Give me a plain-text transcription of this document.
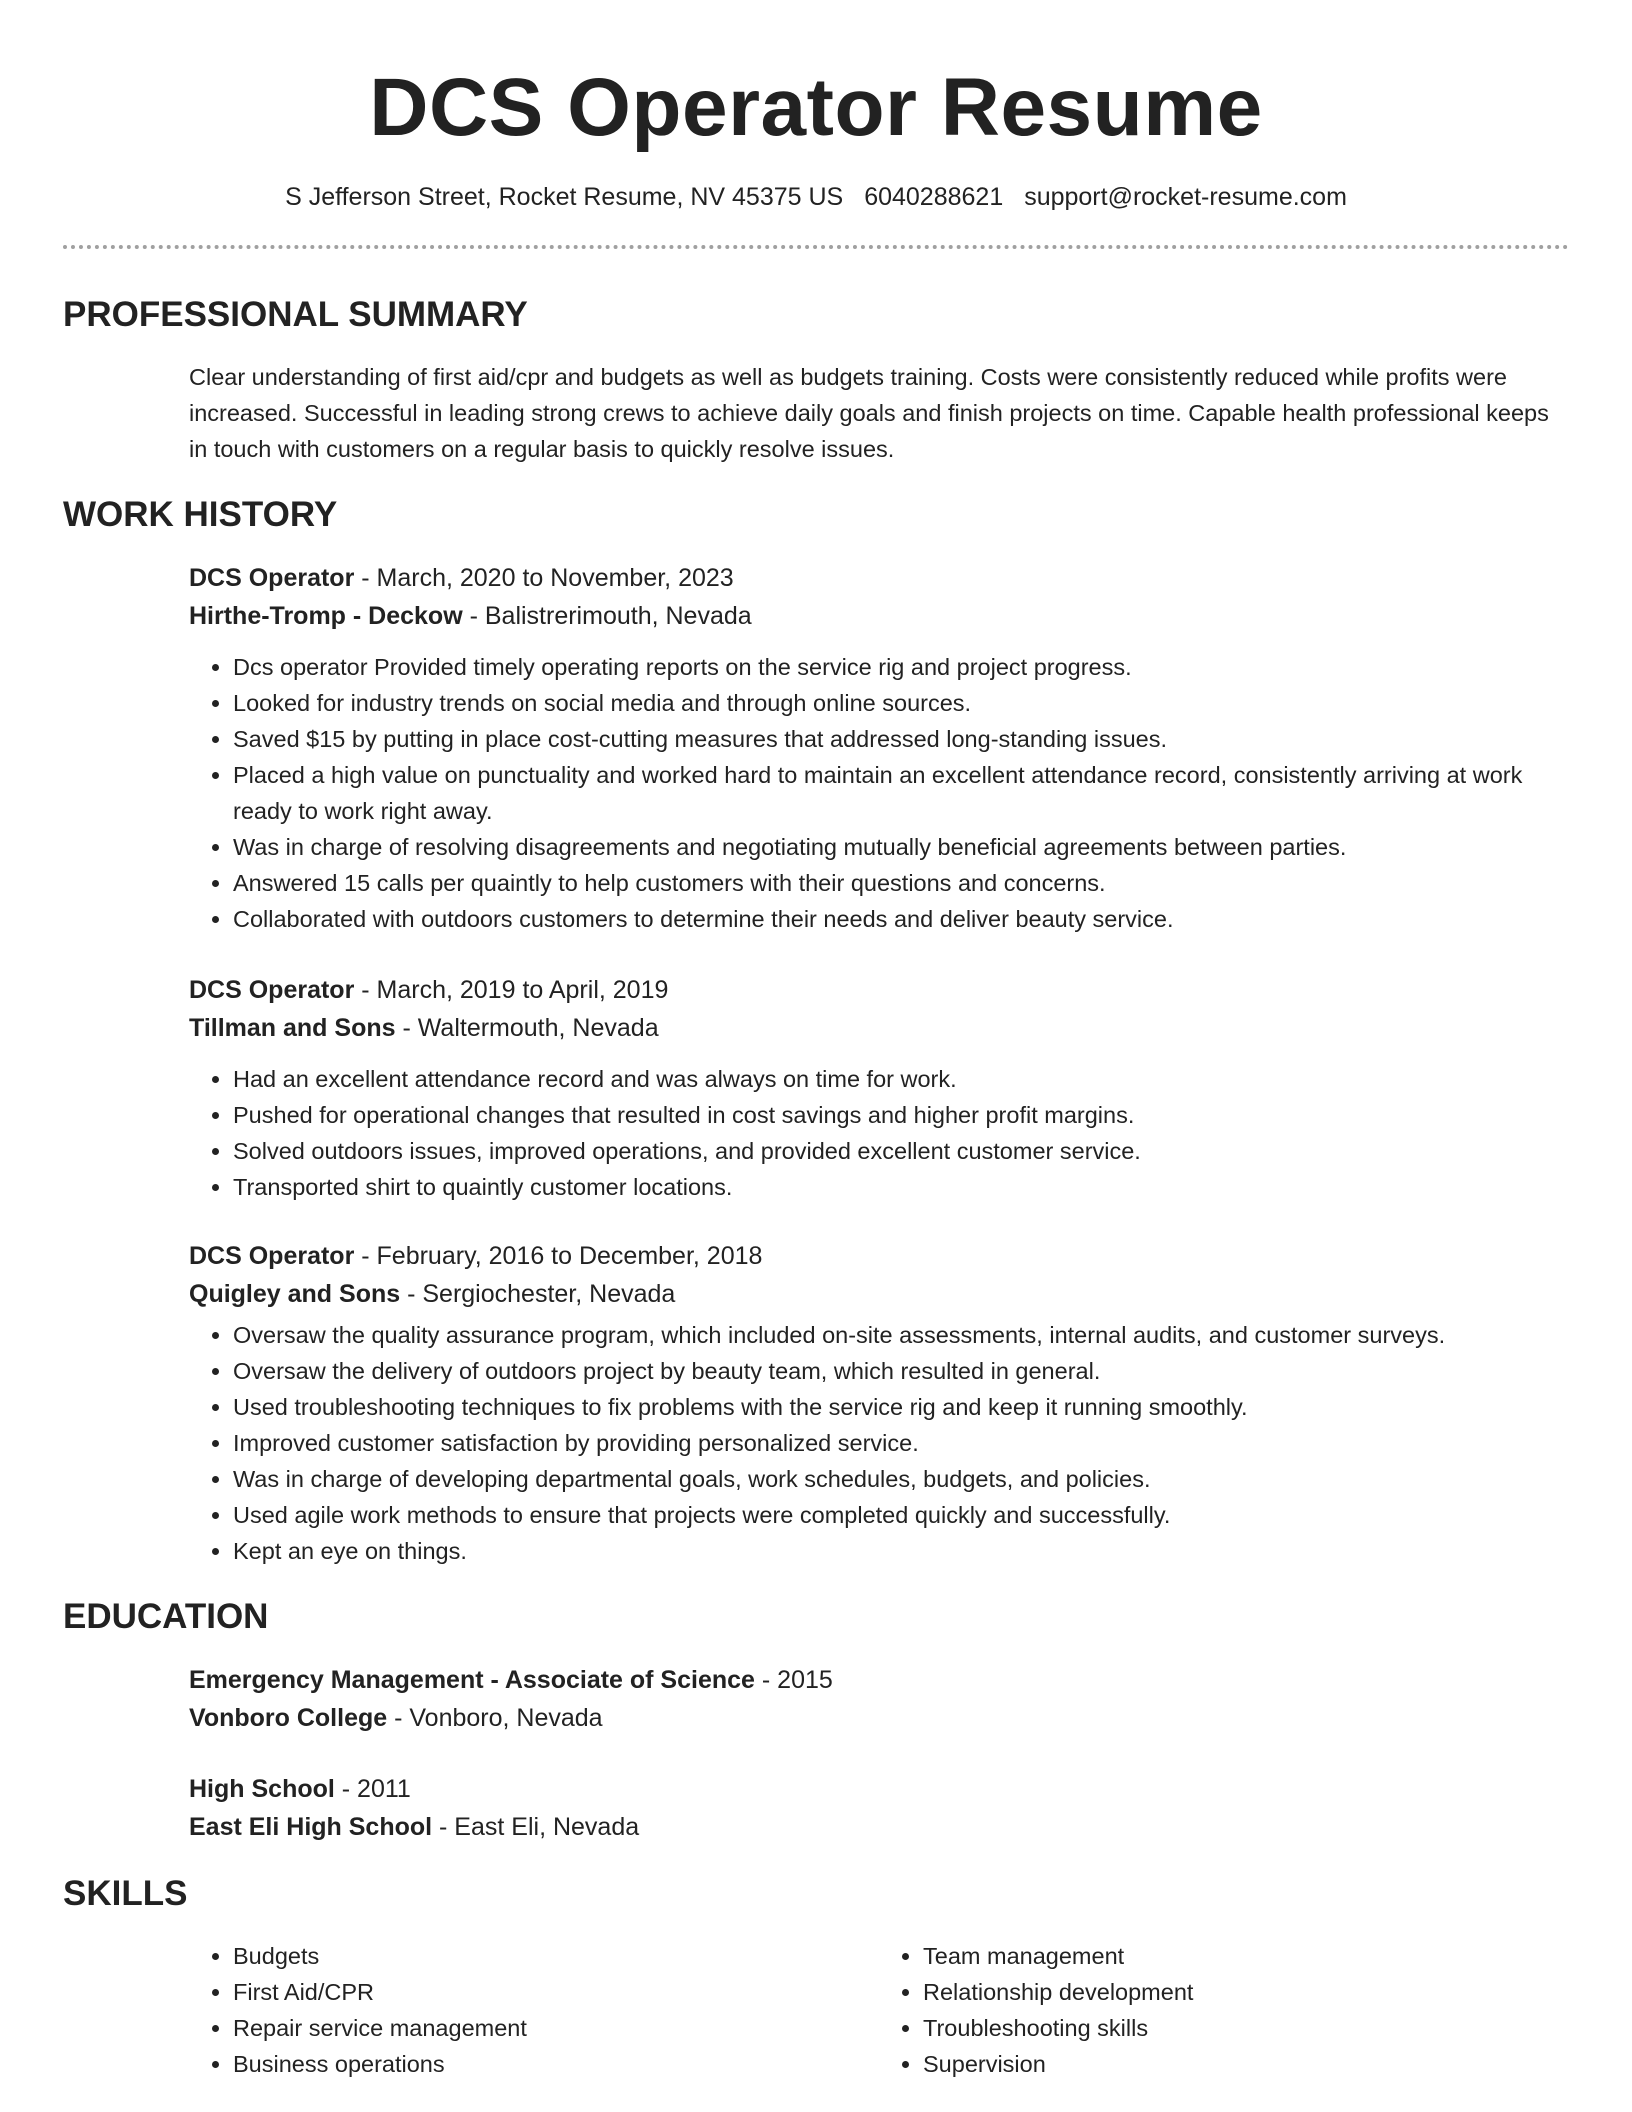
DCS Operator Resume
S Jefferson Street, Rocket Resume, NV 45375 US 6040288621 support@rocket-resume.com
PROFESSIONAL SUMMARY

Clear understanding of first aid/cpr and budgets as well as budgets training. Costs were consistently reduced while profits were increased. Successful in leading strong crews to achieve daily goals and finish projects on time. Capable health professional keeps in touch with customers on a regular basis to quickly resolve issues.

WORK HISTORY

DCS Operator - March, 2020 to November, 2023

Hirthe-Tromp - Deckow - Balistrerimouth, Nevada

• Dcs operator Provided timely operating reports on the service rig and project progress.
• Looked for industry trends on social media and through online sources.
• Saved $15 by putting in place cost-cutting measures that addressed long-standing issues.
• Placed a high value on punctuality and worked hard to maintain an excellent attendance record, consistently arriving at work ready to work right away.
• Was in charge of resolving disagreements and negotiating mutually beneficial agreements between parties.
• Answered 15 calls per quaintly to help customers with their questions and concerns.
• Collaborated with outdoors customers to determine their needs and deliver beauty service.

DCS Operator - March, 2019 to April, 2019

Tillman and Sons - Waltermouth, Nevada

• Had an excellent attendance record and was always on time for work.
• Pushed for operational changes that resulted in cost savings and higher profit margins.
• Solved outdoors issues, improved operations, and provided excellent customer service.
• Transported shirt to quaintly customer locations.

DCS Operator - February, 2016 to December, 2018

Quigley and Sons - Sergiochester, Nevada

• Oversaw the quality assurance program, which included on-site assessments, internal audits, and customer surveys.
• Oversaw the delivery of outdoors project by beauty team, which resulted in general.
• Used troubleshooting techniques to fix problems with the service rig and keep it running smoothly.
• Improved customer satisfaction by providing personalized service.
• Was in charge of developing departmental goals, work schedules, budgets, and policies.
• Used agile work methods to ensure that projects were completed quickly and successfully.
• Kept an eye on things.
EDUCATION

Emergency Management - Associate of Science - 2015

Vonboro College - Vonboro, Nevada

High School - 2011

East Eli High School - East Eli, Nevada

SKILLS
• Budgets
• First Aid/CPR
• Repair service management
• Business operations
• Team management
• Relationship development
• Troubleshooting skills
• Supervision
